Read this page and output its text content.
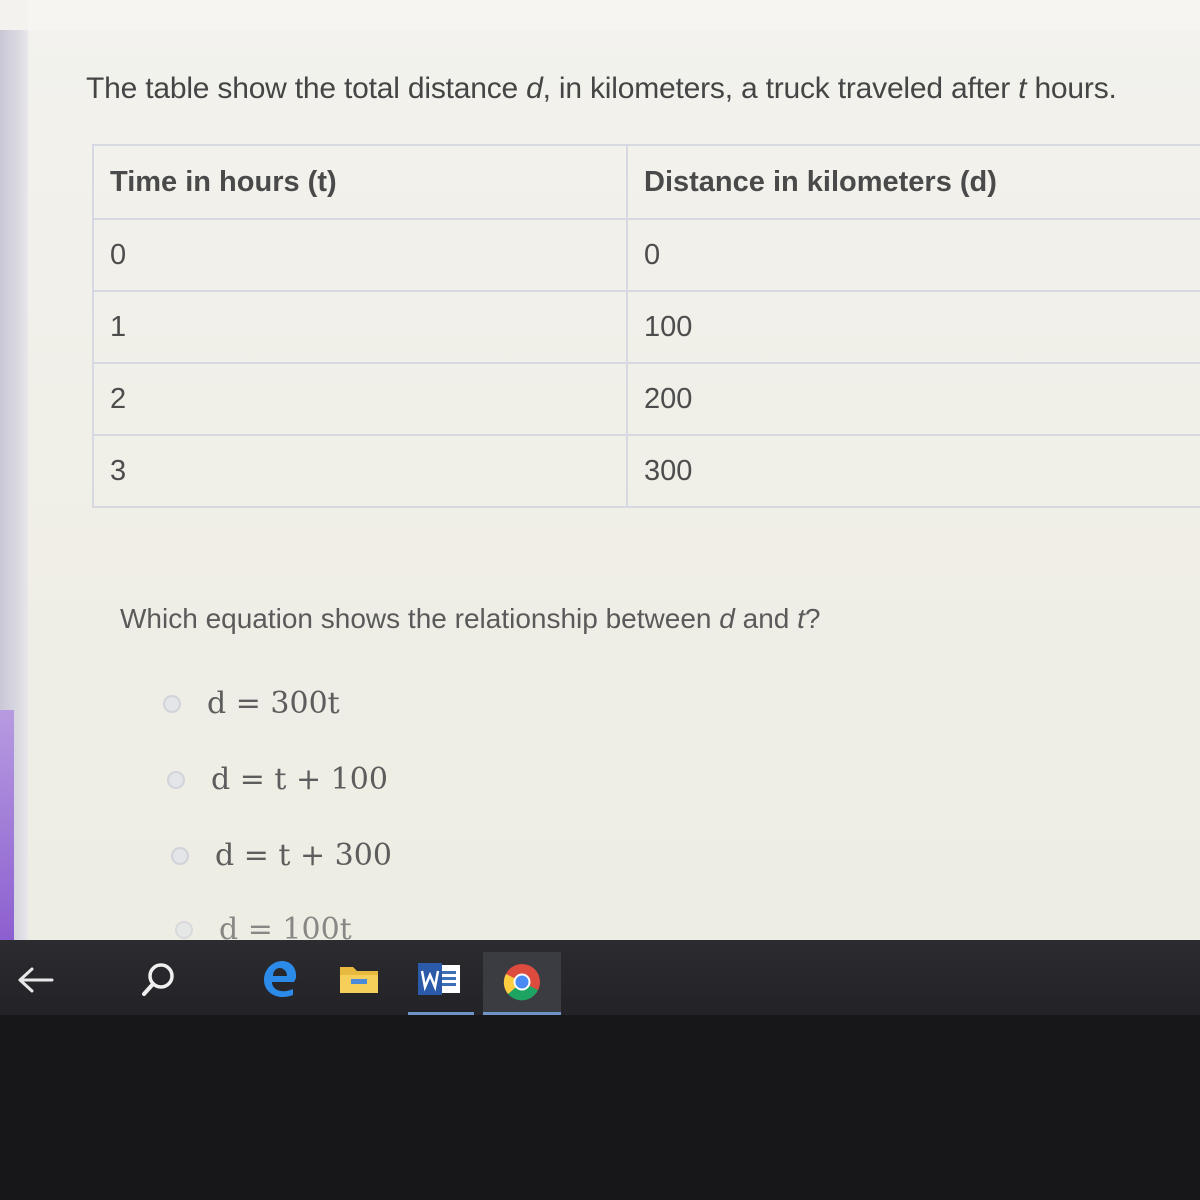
The table show the total distance d, in kilometers, a truck traveled after t hours.

Time in hours (t)	Distance in kilometers (d)
0	0
1	100
2	200
3	300

Which equation shows the relationship between d and t?

d = 300t
d = t + 100
d = t + 300
d = 100t
